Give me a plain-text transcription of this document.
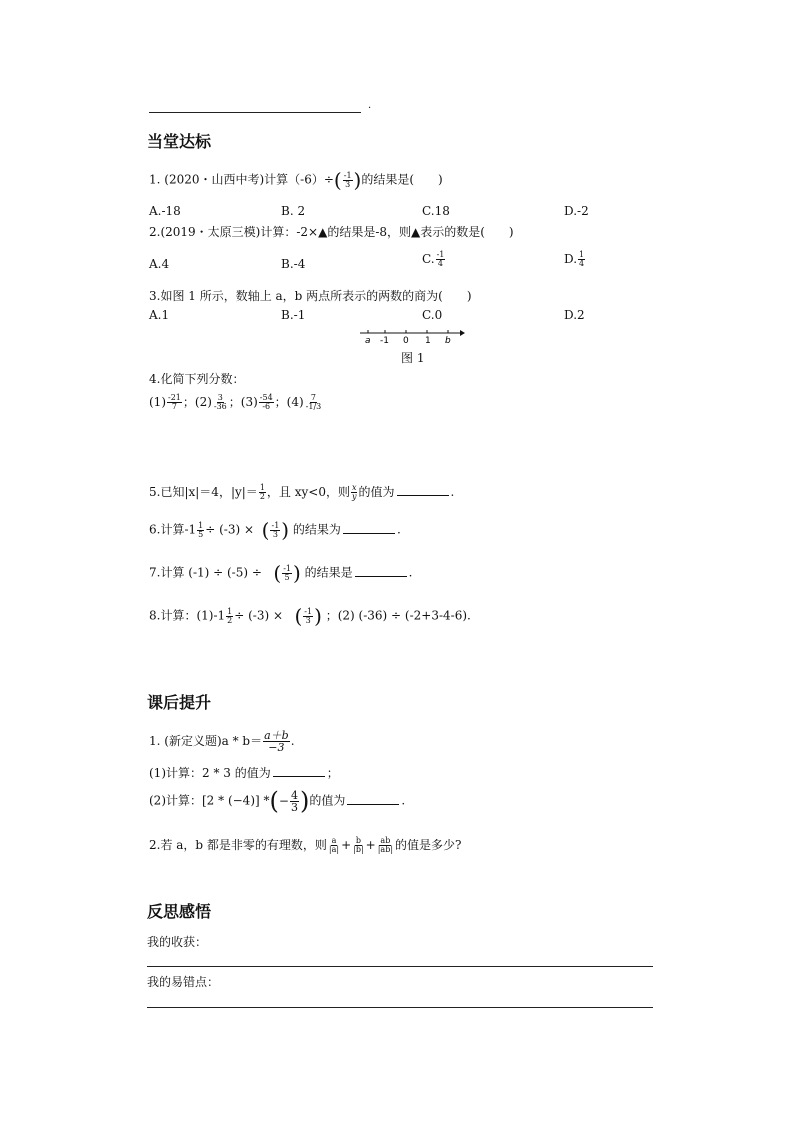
·
当堂达标
1. (2020・山西中考)计算（-6）÷ ( $\frac{-1}{3}$ ) 的结果是(　　)
A.-18	B. 2	C.18	D.-2
2.(2019・太原三模)计算：-2×▲的结果是-8，则▲表示的数是(　　)
A.4	B.-4	C. $\frac{-1}{4}$	D. $\frac{1}{4}$
3.如图 1 所示，数轴上 a，b 两点所表示的两数的商为(　　)
A.1	B.-1	C.0	D.2
a -1 0 1 b
图 1
4.化简下列分数：
$(1) \frac{-21}{7}$ ；$(2) \frac{3}{-36}$ ；$(3) \frac{-54}{-6}$ ；$(4) \frac{7}{-1/3}$
5.已知|x|＝4，$|y|= \frac{1}{2}$ ，且 xy<0，则 $\frac{x}{y}$ 的值为	.
6.计算$-1 \frac{1}{5} \div (-3)$ × ( $\frac{-1}{3}$ ) 的结果为	.
7.计算 (-1) ÷ (-5) ÷ ( $\frac{-1}{5}$ ) 的结果是	.
8.计算：$(1)-1 \frac{1}{2} \div (-3)$ × ( $\frac{-1}{3}$ ) ；(2) (-36) ÷ (-2+3-4-6).
课后提升
1. (新定义题)$a * b= \frac{a+b}{-3}$ .
(1)计算：2 * 3 的值为	；
(2)计算：[2 * (−4)] * ( − $\frac{4}{3}$ ) 的值为	.
2.若 a，b 都是非零的有理数，则 $\frac{a}{|a|} + \frac{b}{|b|} + \frac{ab}{|ab|}$ 的值是多少?
反思感悟
我的收获：
我的易错点：
